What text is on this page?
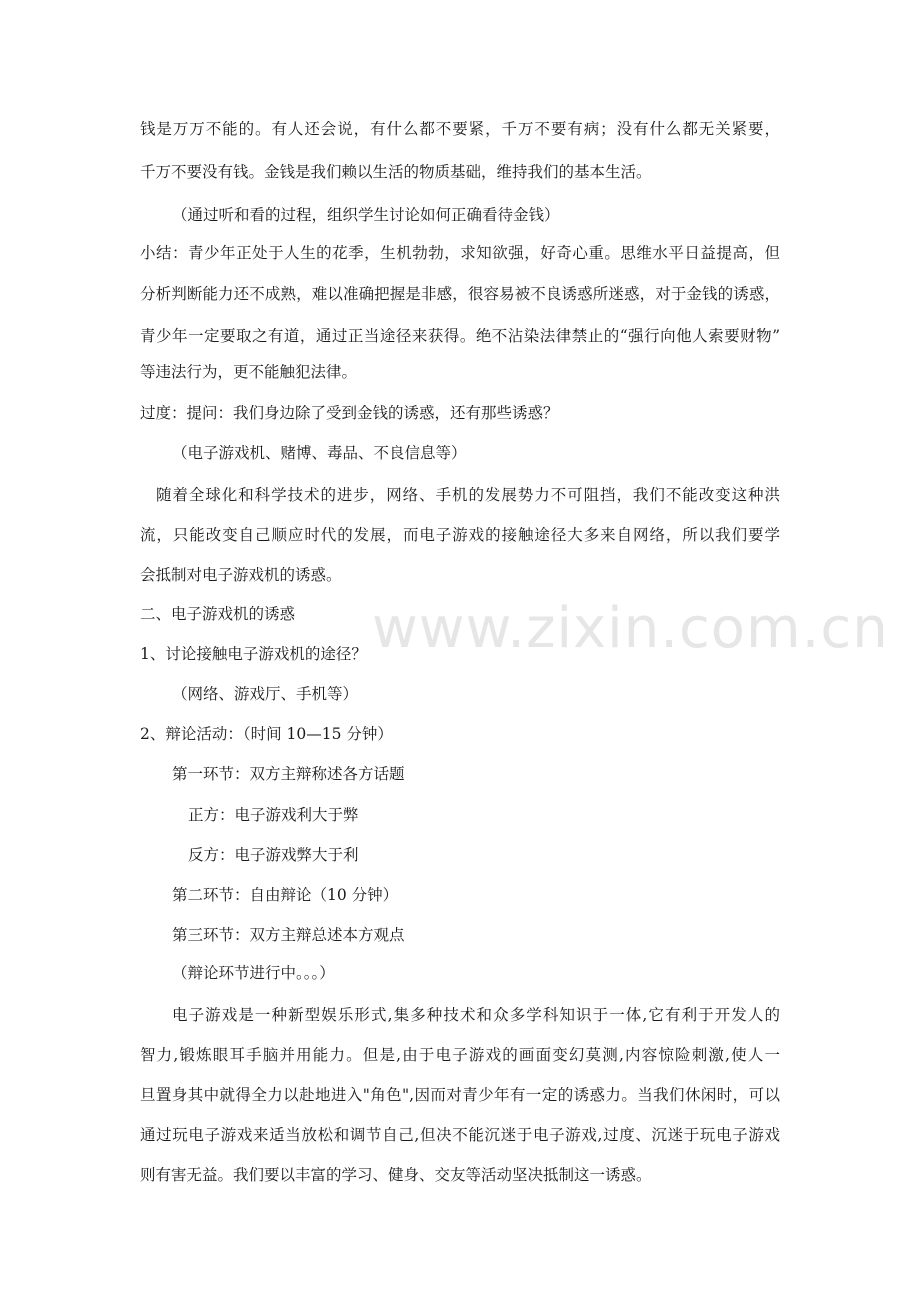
www.zixin.com.cn
钱是万万不能的。有人还会说，有什么都不要紧，千万不要有病；没有什么都无关紧要，
千万不要没有钱。金钱是我们赖以生活的物质基础，维持我们的基本生活。
（通过听和看的过程，组织学生讨论如何正确看待金钱）
小结：青少年正处于人生的花季，生机勃勃，求知欲强，好奇心重。思维水平日益提高，但
分析判断能力还不成熟，难以准确把握是非感，很容易被不良诱惑所迷惑，对于金钱的诱惑，
青少年一定要取之有道，通过正当途径来获得。绝不沾染法律禁止的“强行向他人索要财物”
等违法行为，更不能触犯法律。
过度：提问：我们身边除了受到金钱的诱惑，还有那些诱惑？
（电子游戏机、赌博、毒品、不良信息等）
随着全球化和科学技术的进步，网络、手机的发展势力不可阻挡，我们不能改变这种洪
流，只能改变自己顺应时代的发展，而电子游戏的接触途径大多来自网络，所以我们要学
会抵制对电子游戏机的诱惑。
二、电子游戏机的诱惑
1、讨论接触电子游戏机的途径？
（网络、游戏厅、手机等）
2、辩论活动：（时间 10—15 分钟）
第一环节：双方主辩称述各方话题
正方：电子游戏利大于弊
反方：电子游戏弊大于利
第二环节：自由辩论（10 分钟）
第三环节：双方主辩总述本方观点
（辩论环节进行中。。。）
电子游戏是一种新型娱乐形式,集多种技术和众多学科知识于一体,它有利于开发人的
智力,锻炼眼耳手脑并用能力。但是,由于电子游戏的画面变幻莫测,内容惊险刺激,使人一
旦置身其中就得全力以赴地进入"角色",因而对青少年有一定的诱惑力。当我们休闲时，可以
通过玩电子游戏来适当放松和调节自己,但决不能沉迷于电子游戏,过度、沉迷于玩电子游戏
则有害无益。我们要以丰富的学习、健身、交友等活动坚决抵制这一诱惑。
